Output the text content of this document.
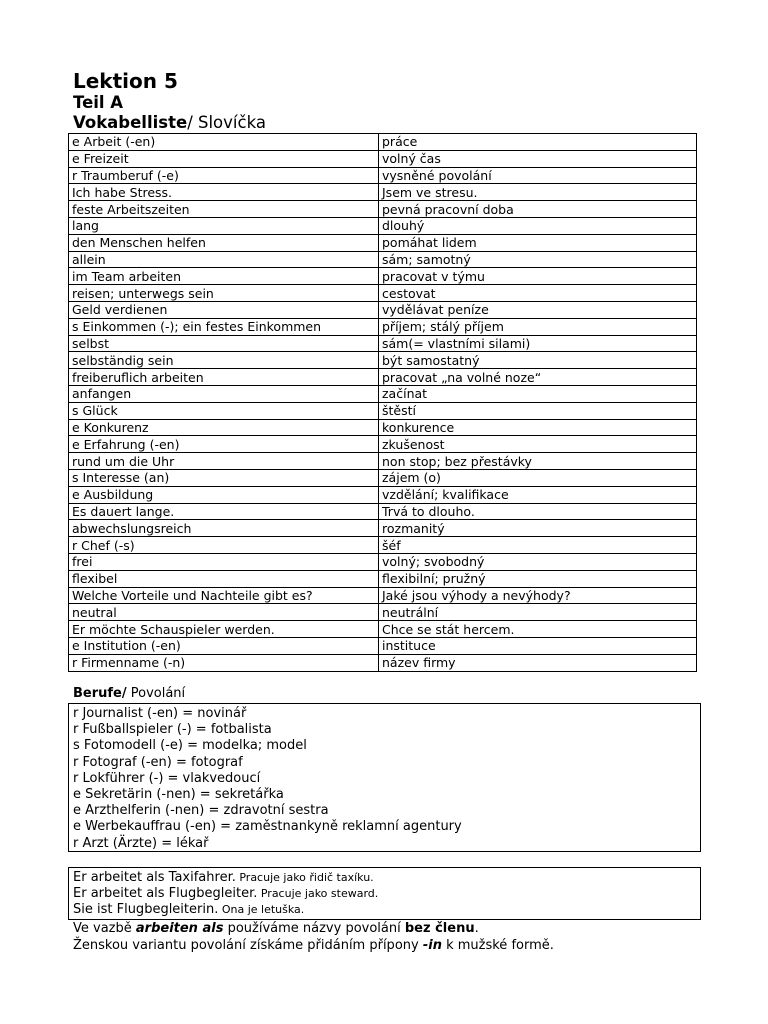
Lektion 5
Teil A
Vokabelliste/ Slovíčka
e Arbeit (-en)	práce
e Freizeit	volný čas
r Traumberuf (-e)	vysněné povolání
Ich habe Stress.	Jsem ve stresu.
feste Arbeitszeiten	pevná pracovní doba
lang	dlouhý
den Menschen helfen	pomáhat lidem
allein	sám; samotný
im Team arbeiten	pracovat v týmu
reisen; unterwegs sein	cestovat
Geld verdienen	vydělávat peníze
s Einkommen (-); ein festes Einkommen	příjem; stálý příjem
selbst	sám(= vlastními silami)
selbständig sein	být samostatný
freiberuflich arbeiten	pracovat „na volné noze“
anfangen	začínat
s Glück	štěstí
e Konkurenz	konkurence
e Erfahrung (-en)	zkušenost
rund um die Uhr	non stop; bez přestávky
s Interesse (an)	zájem (o)
e Ausbildung	vzdělání; kvalifikace
Es dauert lange.	Trvá to dlouho.
abwechslungsreich	rozmanitý
r Chef (-s)	šéf
frei	volný; svobodný
flexibel	flexibilní; pružný
Welche Vorteile und Nachteile gibt es?	Jaké jsou výhody a nevýhody?
neutral	neutrální
Er möchte Schauspieler werden.	Chce se stát hercem.
e Institution (-en)	instituce
r Firmenname (-n)	název firmy
Berufe/ Povolání
r Journalist (-en) = novinář
r Fußballspieler (-) = fotbalista
s Fotomodell (-e) = modelka; model
r Fotograf (-en) = fotograf
r Lokführer (-) = vlakvedoucí
e Sekretärin (-nen) = sekretářka
e Arzthelferin (-nen) = zdravotní sestra
e Werbekauffrau (-en) = zaměstnankyně reklamní agentury
r Arzt (Ärzte) = lékař
Er arbeitet als Taxifahrer. Pracuje jako řidič taxíku.
Er arbeitet als Flugbegleiter. Pracuje jako steward.
Sie ist Flugbegleiterin. Ona je letuška.
Ve vazbě arbeiten als používáme názvy povolání bez členu.
Ženskou variantu povolání získáme přidáním přípony -in k mužské formě.
